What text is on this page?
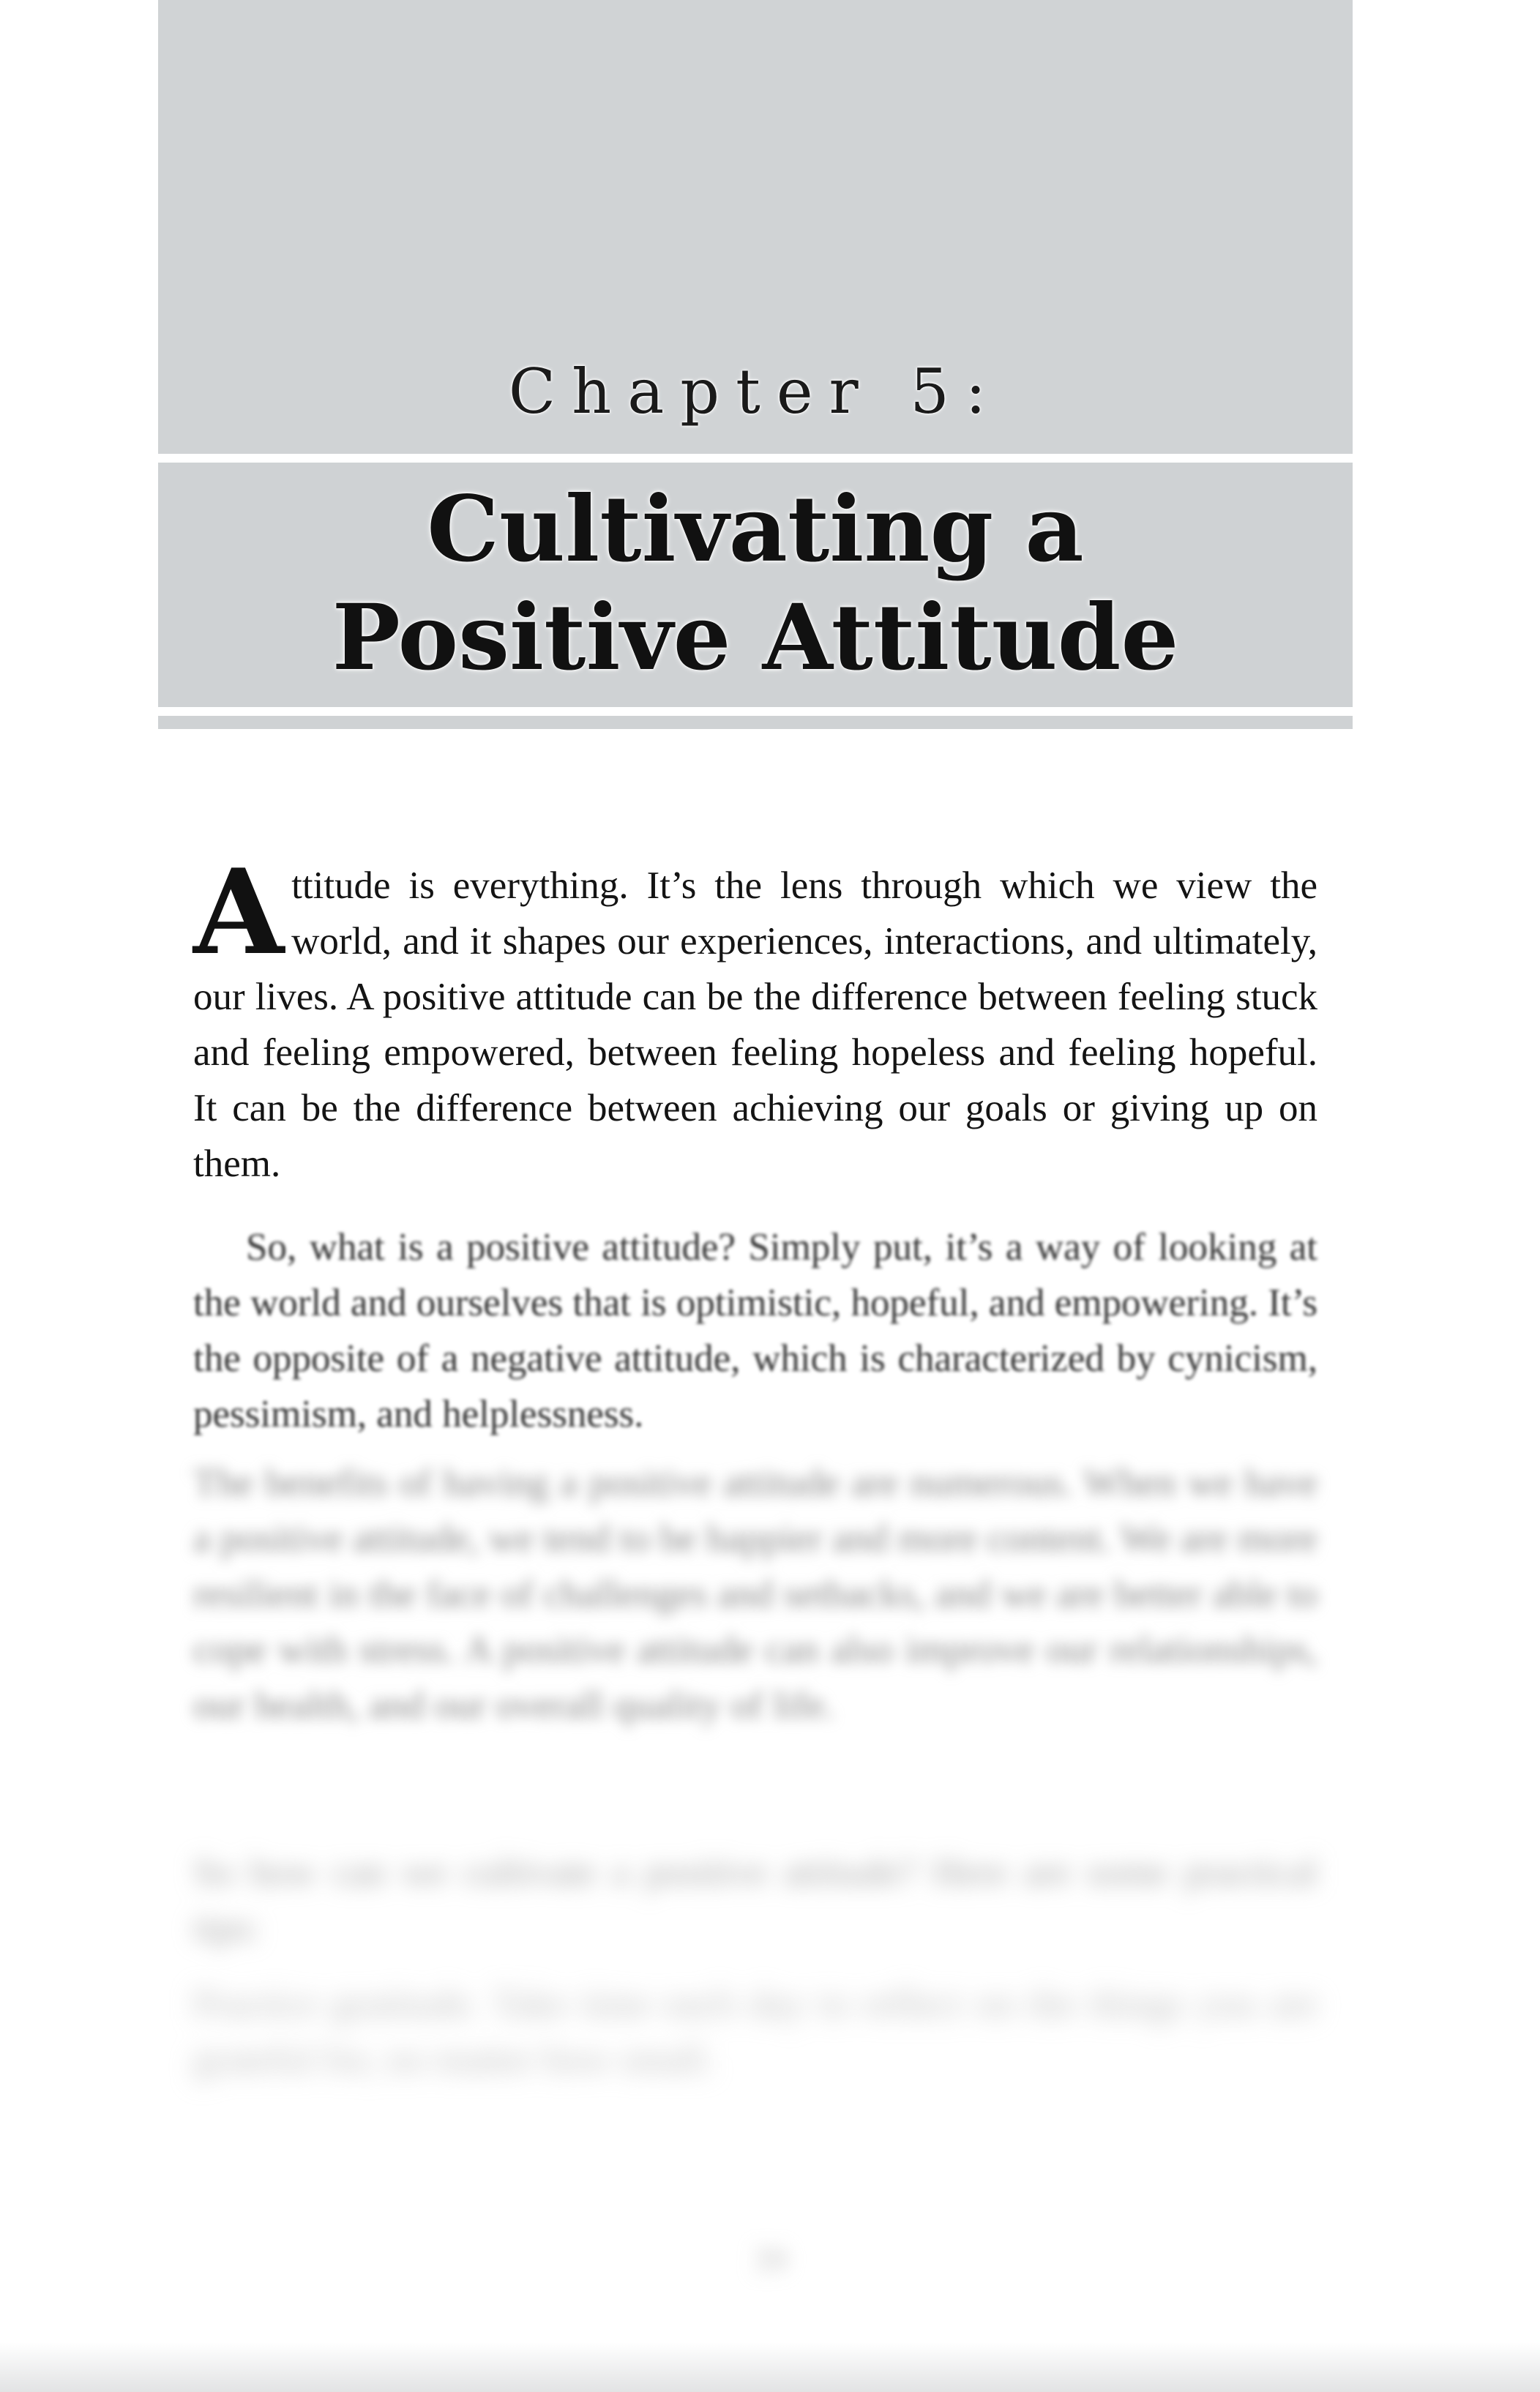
Chapter 5:
Cultivating a
Positive Attitude

Attitude is everything. It’s the lens through which we view the world, and it shapes our experiences, interactions, and ultimately, our lives. A positive attitude can be the difference between feeling stuck and feeling empowered, between feeling hopeless and feeling hopeful. It can be the difference between achieving our goals or giving up on them.

So, what is a positive attitude? Simply put, it’s a way of looking at the world and ourselves that is optimistic, hopeful, and empowering. It’s the opposite of a negative attitude, which is characterized by cynicism, pessimism, and helplessness.

The benefits of having a positive attitude are numerous. When we have a positive attitude, we tend to be happier and more content. We are more resilient in the face of challenges and setbacks, and we are better able to cope with stress. A positive attitude can also improve our relationships, our health, and our overall quality of life.
So how can we cultivate a positive attitude? Here are some practical tips:
Practice gratitude. Take time each day to reflect on the things you are grateful for, no matter how small.
39
